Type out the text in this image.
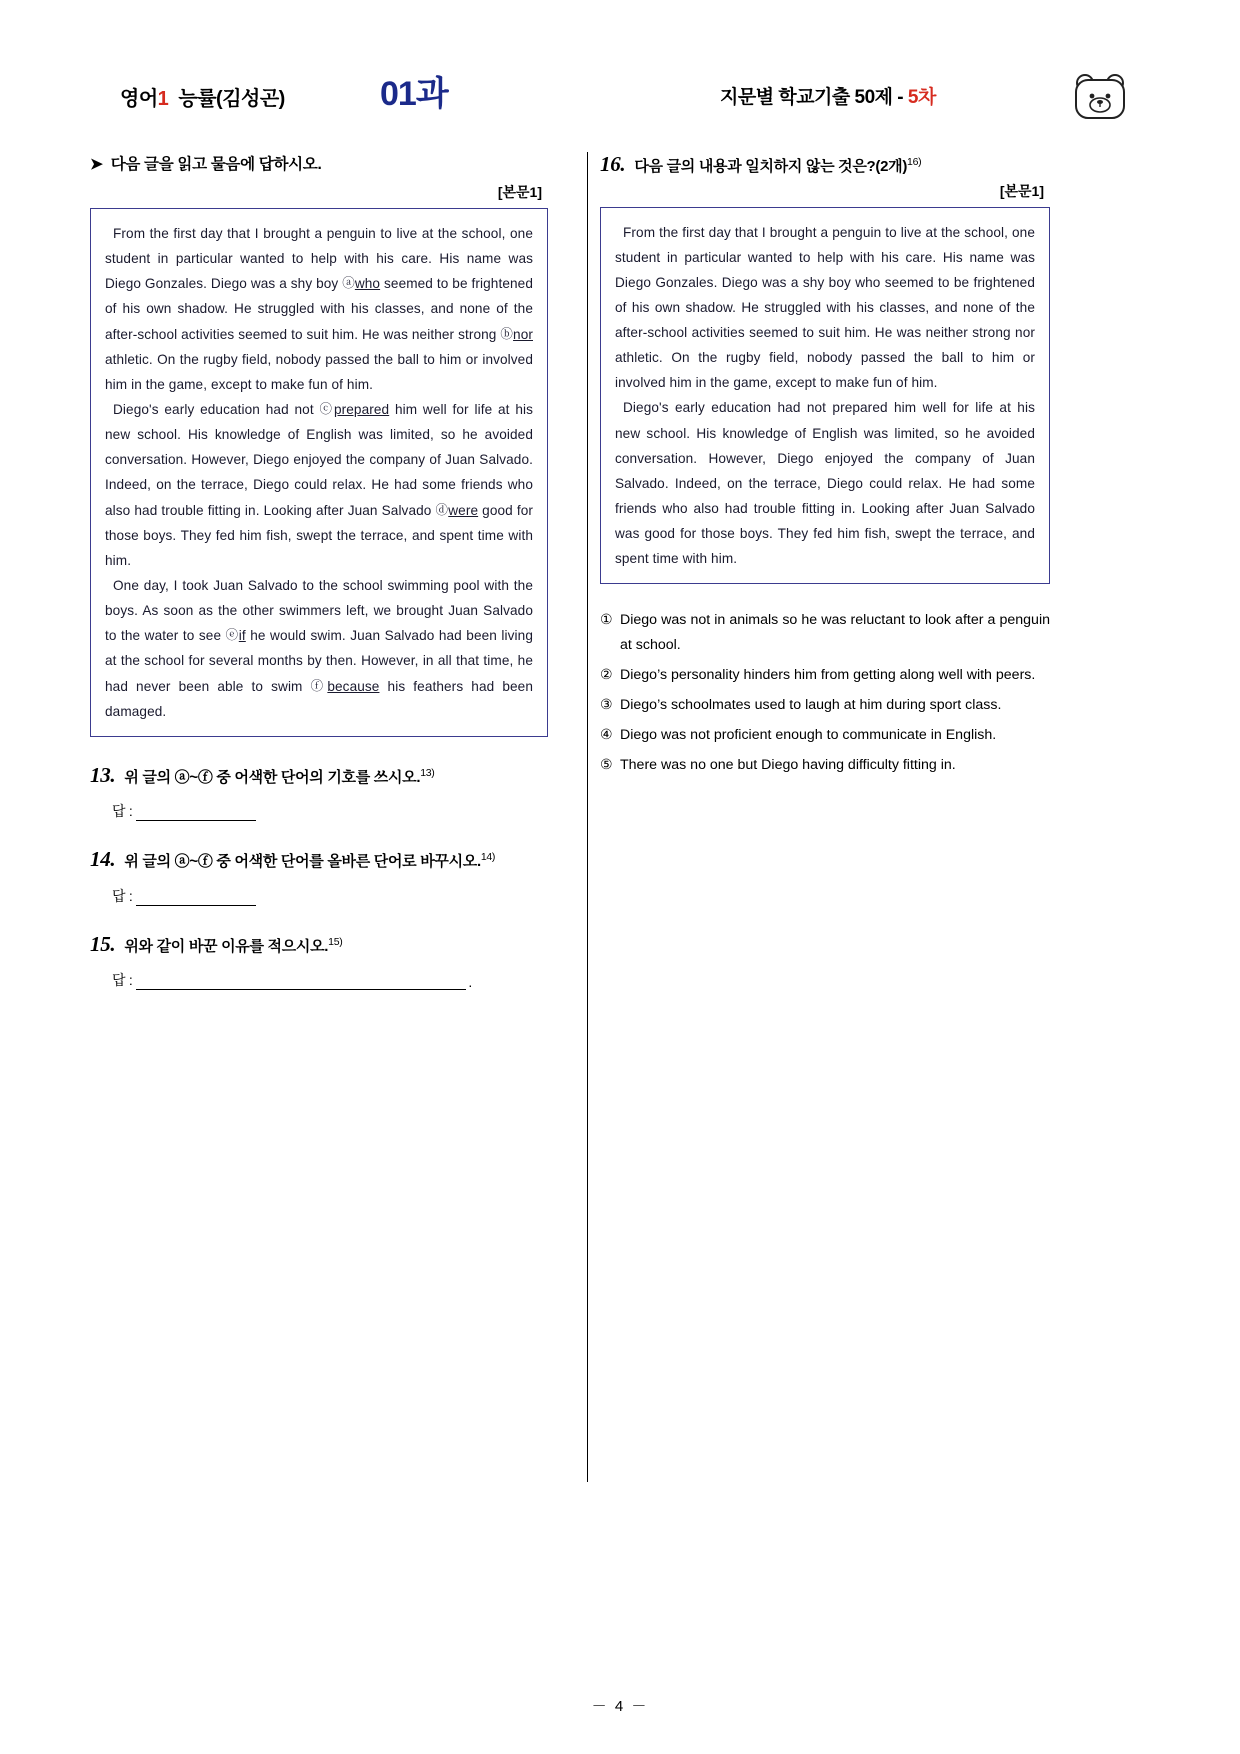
영어1 능률(김성곤)	01과	지문별 학교기출 50제 - 5차
➤ 다음 글을 읽고 물음에 답하시오.
[본문1]

From the first day that I brought a penguin to live at the school, one student in particular wanted to help with his care. His name was Diego Gonzales. Diego was a shy boy ⓐwho seemed to be frightened of his own shadow. He struggled with his classes, and none of the after-school activities seemed to suit him. He was neither strong ⓑnor athletic. On the rugby field, nobody passed the ball to him or involved him in the game, except to make fun of him.

Diego's early education had not ⓒprepared him well for life at his new school. His knowledge of English was limited, so he avoided conversation. However, Diego enjoyed the company of Juan Salvado. Indeed, on the terrace, Diego could relax. He had some friends who also had trouble fitting in. Looking after Juan Salvado ⓓwere good for those boys. They fed him fish, swept the terrace, and spent time with him.

One day, I took Juan Salvado to the school swimming pool with the boys. As soon as the other swimmers left, we brought Juan Salvado to the water to see ⓔif he would swim. Juan Salvado had been living at the school for several months by then. However, in all that time, he had never been able to swim ⓕbecause his feathers had been damaged.

13. 위 글의 ⓐ~ⓕ 중 어색한 단어의 기호를 쓰시오.$^{13)}$
답 :
14. 위 글의 ⓐ~ⓕ 중 어색한 단어를 올바른 단어로 바꾸시오.$^{14)}$
답 :
15. 위와 같이 바꾼 이유를 적으시오.$^{15)}$
답 :	.
16. 다음 글의 내용과 일치하지 않는 것은?(2개)$^{16)}$
[본문1]

From the first day that I brought a penguin to live at the school, one student in particular wanted to help with his care. His name was Diego Gonzales. Diego was a shy boy who seemed to be frightened of his own shadow. He struggled with his classes, and none of the after-school activities seemed to suit him. He was neither strong nor athletic. On the rugby field, nobody passed the ball to him or involved him in the game, except to make fun of him.

Diego's early education had not prepared him well for life at his new school. His knowledge of English was limited, so he avoided conversation. However, Diego enjoyed the company of Juan Salvado. Indeed, on the terrace, Diego could relax. He had some friends who also had trouble fitting in. Looking after Juan Salvado was good for those boys. They fed him fish, swept the terrace, and spent time with him.

① Diego was not in animals so he was reluctant to look after a penguin at school.
② Diego’s personality hinders him from getting along well with peers.
③ Diego’s schoolmates used to laugh at him during sport class.
④ Diego was not proficient enough to communicate in English.
⑤ There was no one but Diego having difficulty fitting in.
－ 4 －
